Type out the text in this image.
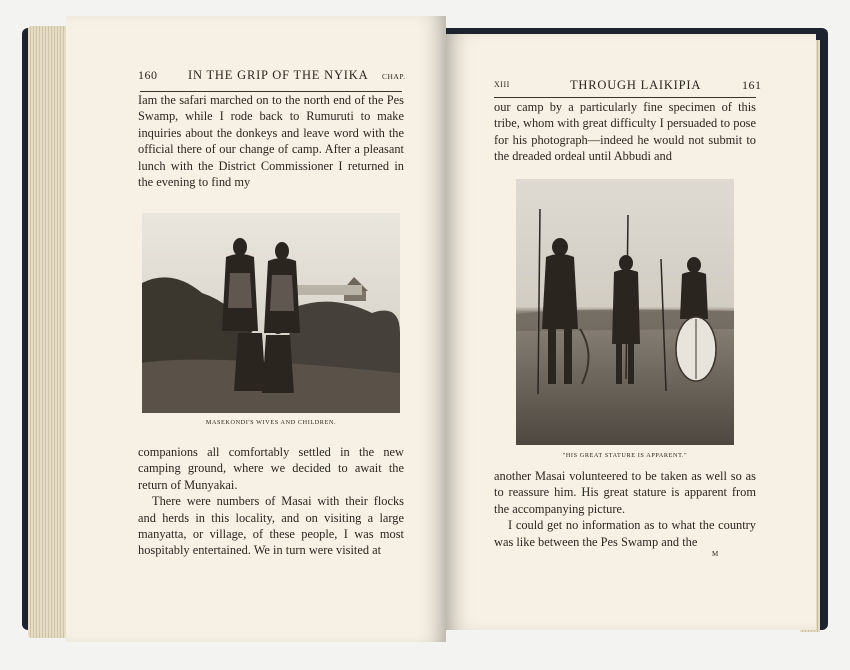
160 IN THE GRIP OF THE NYIKA CHAP.

Iam the safari marched on to the north end of the Pes Swamp, while I rode back to Rumuruti to make inquiries about the donkeys and leave word with the official there of our change of camp. After a pleasant lunch with the District Commissioner I returned in the evening to find my

MASEKONDI'S WIVES AND CHILDREN.

companions all comfortably settled in the new camping ground, where we decided to await the return of Munyakai.

There were numbers of Masai with their flocks and herds in this locality, and on visiting a large manyatta, or village, of these people, I was most hospitably entertained. We in turn were visited at

XIII	THROUGH LAIKIPIA	161

our camp by a particularly fine specimen of this tribe, whom with great difficulty I persuaded to pose for his photograph—indeed he would not submit to the dreaded ordeal until Abbudi and

"HIS GREAT STATURE IS APPARENT."

another Masai volunteered to be taken as well so as to reassure him. His great stature is apparent from the accompanying picture.

I could get no information as to what the country was like between the Pes Swamp and the

M
